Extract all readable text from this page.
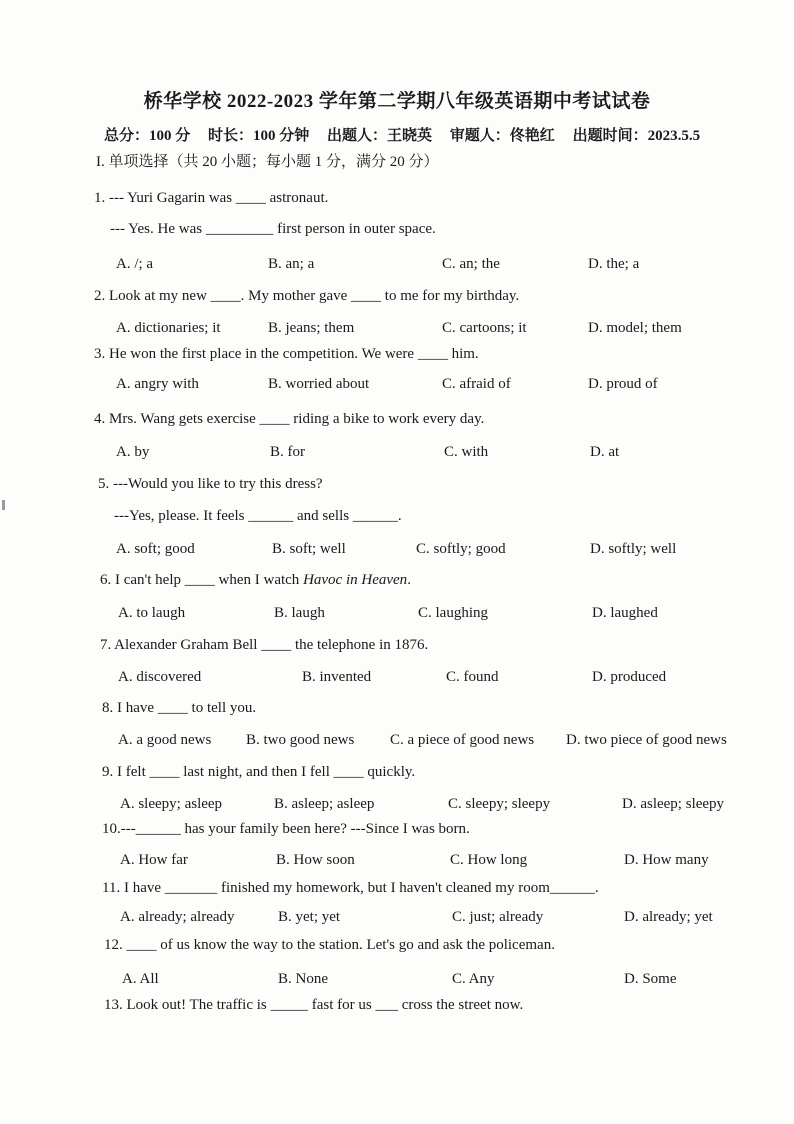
桥华学校 2022-2023 学年第二学期八年级英语期中考试试卷
总分：100 分 时长：100 分钟 出题人：王晓英 审题人：佟艳红 出题时间：2023.5.5
I. 单项选择（共 20 小题；每小题 1 分，满分 20 分）
1. --- Yuri Gagarin was ____ astronaut.
--- Yes. He was _________ first person in outer space.
A. /; a	B. an; a	C. an; the	D. the; a
2. Look at my new ____. My mother gave ____ to me for my birthday.
A. dictionaries; it	B. jeans; them	C. cartoons; it	D. model; them
3. He won the first place in the competition. We were ____ him.
A. angry with	B. worried about	C. afraid of	D. proud of
4. Mrs. Wang gets exercise ____ riding a bike to work every day.
A. by	B. for	C. with	D. at
5. ---Would you like to try this dress?
---Yes, please. It feels ______ and sells ______.
A. soft; good	B. soft; well	C. softly; good	D. softly; well
6. I can't help ____ when I watch Havoc in Heaven.
A. to laugh	B. laugh	C. laughing	D. laughed
7. Alexander Graham Bell ____ the telephone in 1876.
A. discovered	B. invented	C. found	D. produced
8. I have ____ to tell you.
A. a good news B. two good news C. a piece of good news D. two piece of good news
9. I felt ____ last night, and then I fell ____ quickly.
A. sleepy; asleep	B. asleep; asleep	C. sleepy; sleepy	D. asleep; sleepy
10.---______ has your family been here? ---Since I was born.
A. How far	B. How soon	C. How long	D. How many
11. I have _______ finished my homework, but I haven't cleaned my room______.
A. already; already	B. yet; yet	C. just; already	D. already; yet
12. ____ of us know the way to the station. Let's go and ask the policeman.
A. All	B. None	C. Any	D. Some
13. Look out! The traffic is _____ fast for us ___ cross the street now.
